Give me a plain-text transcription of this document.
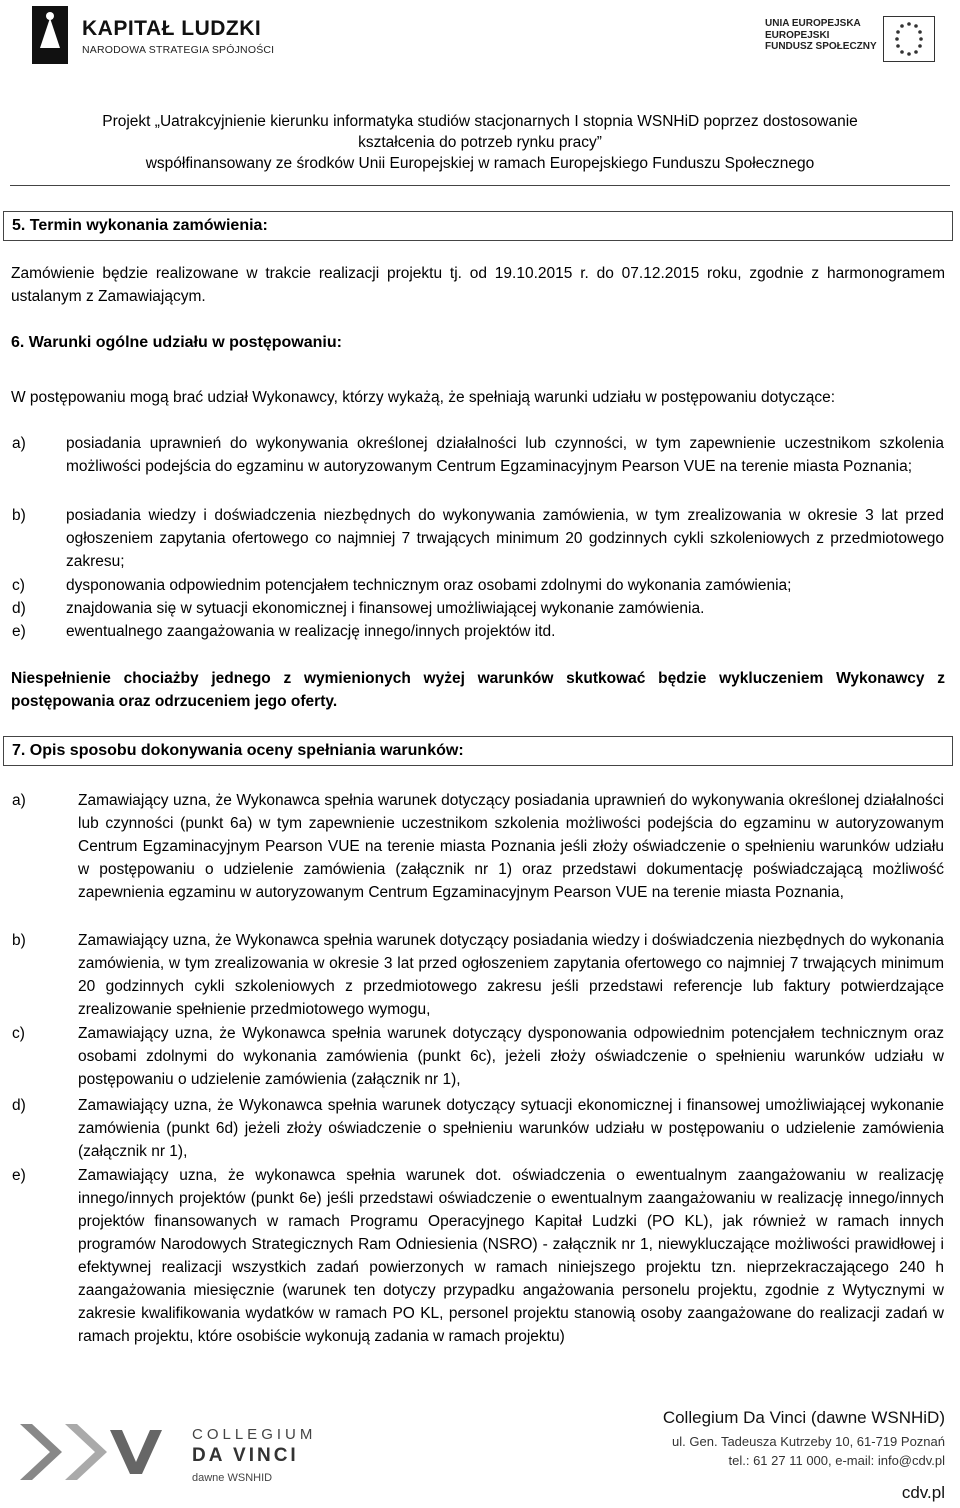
KAPITAŁ LUDZKI
NARODOWA STRATEGIA SPÓJNOŚCI
UNIA EUROPEJSKA
EUROPEJSKI
FUNDUSZ SPOŁECZNY
Projekt „Uatrakcyjnienie kierunku informatyka studiów stacjonarnych I stopnia WSNHiD poprzez dostosowanie
kształcenia do potrzeb rynku pracy”
współfinansowany ze środków Unii Europejskiej w ramach Europejskiego Funduszu Społecznego
5. Termin wykonania zamówienia:
Zamówienie będzie realizowane w trakcie realizacji projektu tj. od 19.10.2015 r. do 07.12.2015 roku, zgodnie z harmonogramem ustalanym z Zamawiającym.
6. Warunki ogólne udziału w postępowaniu:
W postępowaniu mogą brać udział Wykonawcy, którzy wykażą, że spełniają warunki udziału w postępowaniu dotyczące:
a)	posiadania uprawnień do wykonywania określonej działalności lub czynności, w tym zapewnienie uczestnikom szkolenia możliwości podejścia do egzaminu w autoryzowanym Centrum Egzaminacyjnym Pearson VUE na terenie miasta Poznania;
b)	posiadania wiedzy i doświadczenia niezbędnych do wykonywania zamówienia, w tym zrealizowania w okresie 3 lat przed ogłoszeniem zapytania ofertowego co najmniej 7 trwających minimum 20 godzinnych cykli szkoleniowych z przedmiotowego zakresu;
c)	dysponowania odpowiednim potencjałem technicznym oraz osobami zdolnymi do wykonania zamówienia;
d)	znajdowania się w sytuacji ekonomicznej i finansowej umożliwiającej wykonanie zamówienia.
e)	ewentualnego zaangażowania w realizację innego/innych projektów itd.
Niespełnienie chociażby jednego z wymienionych wyżej warunków skutkować będzie wykluczeniem Wykonawcy z postępowania oraz odrzuceniem jego oferty.
7. Opis sposobu dokonywania oceny spełniania warunków:
a)	Zamawiający uzna, że Wykonawca spełnia warunek dotyczący posiadania uprawnień do wykonywania określonej działalności lub czynności (punkt 6a) w tym zapewnienie uczestnikom szkolenia możliwości podejścia do egzaminu w autoryzowanym Centrum Egzaminacyjnym Pearson VUE na terenie miasta Poznania jeśli złoży oświadczenie o spełnieniu warunków udziału w postępowaniu o udzielenie zamówienia (załącznik nr 1) oraz przedstawi dokumentację poświadczającą możliwość zapewnienia egzaminu w autoryzowanym Centrum Egzaminacyjnym Pearson VUE na terenie miasta Poznania,
b)	Zamawiający uzna, że Wykonawca spełnia warunek dotyczący posiadania wiedzy i doświadczenia niezbędnych do wykonania zamówienia, w tym zrealizowania w okresie 3 lat przed ogłoszeniem zapytania ofertowego co najmniej 7 trwających minimum 20 godzinnych cykli szkoleniowych z przedmiotowego zakresu jeśli przedstawi referencje lub faktury potwierdzające zrealizowanie spełnienie przedmiotowego wymogu,
c)	Zamawiający uzna, że Wykonawca spełnia warunek dotyczący dysponowania odpowiednim potencjałem technicznym oraz osobami zdolnymi do wykonania zamówienia (punkt 6c), jeżeli złoży oświadczenie o spełnieniu warunków udziału w postępowaniu o udzielenie zamówienia (załącznik nr 1),
d)	Zamawiający uzna, że Wykonawca spełnia warunek dotyczący sytuacji ekonomicznej i finansowej umożliwiającej wykonanie zamówienia (punkt 6d) jeżeli złoży oświadczenie o spełnieniu warunków udziału w postępowaniu o udzielenie zamówienia (załącznik nr 1),
e)	Zamawiający uzna, że wykonawca spełnia warunek dot. oświadczenia o ewentualnym zaangażowaniu w realizację innego/innych projektów (punkt 6e) jeśli przedstawi oświadczenie o ewentualnym zaangażowaniu w realizację innego/innych projektów finansowanych w ramach Programu Operacyjnego Kapitał Ludzki (PO KL), jak również w ramach innych programów Narodowych Strategicznych Ram Odniesienia (NSRO) - załącznik nr 1, niewykluczające możliwości prawidłowej i efektywnej realizacji wszystkich zadań powierzonych w ramach niniejszego projektu tzn. nieprzekraczającego 240 h zaangażowania miesięcznie (warunek ten dotyczy przypadku angażowania personelu projektu, zgodnie z Wytycznymi w zakresie kwalifikowania wydatków w ramach PO KL, personel projektu stanowią osoby zaangażowane do realizacji zadań w ramach projektu, które osobiście wykonują zadania w ramach projektu)
COLLEGIUM
DA VINCI
dawne WSNHID
Collegium Da Vinci (dawne WSNHiD)
ul. Gen. Tadeusza Kutrzeby 10, 61-719 Poznań
tel.: 61 27 11 000, e-mail: info@cdv.pl
cdv.pl
